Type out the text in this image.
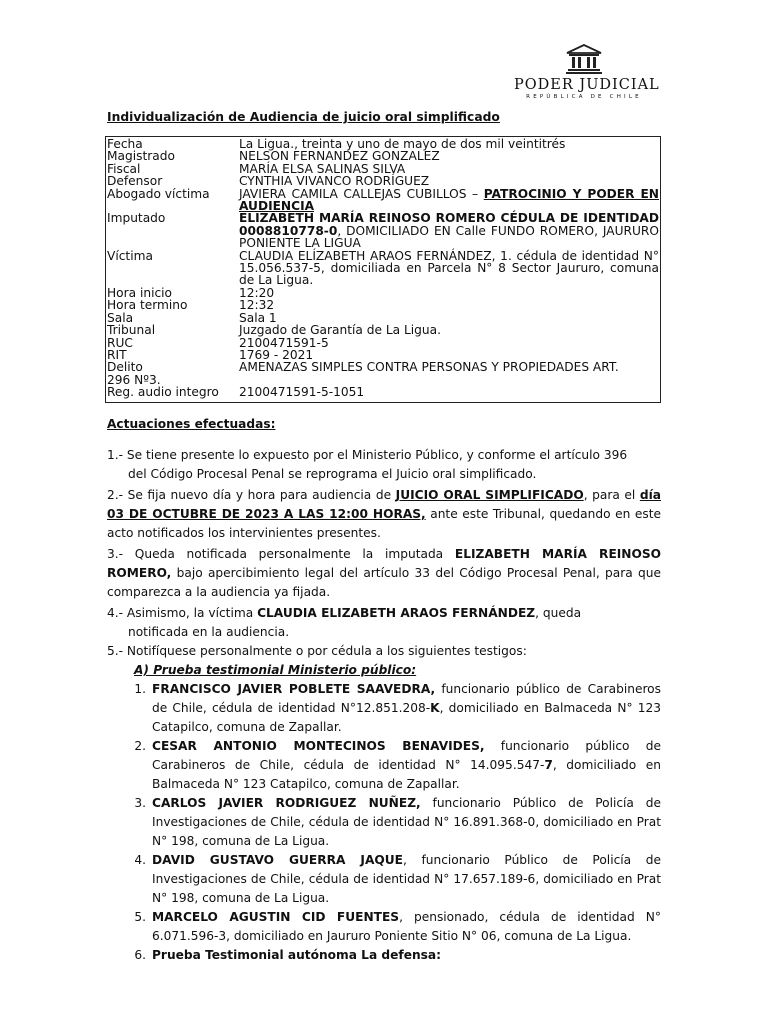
PODER JUDICIAL
REPÚBLICA DE CHILE
Individualización de Audiencia de juicio oral simplificado
Fecha	La Ligua., treinta y uno de mayo de dos mil veintitrés
Magistrado	NELSON FERNANDEZ GONZALEZ
Fiscal	MARÍA ELSA SALINAS SILVA
Defensor	CYNTHIA VIVANCO RODRÍGUEZ
Abogado víctima	JAVIERA CAMILA CALLEJAS CUBILLOS – PATROCINIO Y PODER EN AUDIENCIA
Imputado	ELIZABETH MARÍA REINOSO ROMERO CÉDULA DE IDENTIDAD 0008810778-0, DOMICILIADO EN Calle FUNDO ROMERO, JAURURO PONIENTE LA LIGUA
Víctima	CLAUDIA ELÍZABETH ARAOS FERNÁNDEZ, 1. cédula de identidad N° 15.056.537-5, domiciliada en Parcela N° 8 Sector Jaururo, comuna de La Ligua.
Hora inicio	12:20
Hora termino	12:32
Sala	Sala 1
Tribunal	Juzgado de Garantía de La Ligua.
RUC	2100471591-5
RIT	1769 - 2021
Delito	AMENAZAS SIMPLES CONTRA PERSONAS Y PROPIEDADES ART.
296 Nº3.
Reg. audio integro	2100471591-5-1051
Actuaciones efectuadas:
1.- Se tiene presente lo expuesto por el Ministerio Público, y conforme el artículo 396
del Código Procesal Penal se reprograma el Juicio oral simplificado.
2.- Se fija nuevo día y hora para audiencia de JUICIO ORAL SIMPLIFICADO, para el día 03 DE OCTUBRE DE 2023 A LAS 12:00 HORAS, ante este Tribunal, quedando en este acto notificados los intervinientes presentes.
3.- Queda notificada personalmente la imputada ELIZABETH MARÍA REINOSO ROMERO, bajo apercibimiento legal del artículo 33 del Código Procesal Penal, para que comparezca a la audiencia ya fijada.
4.- Asimismo, la víctima CLAUDIA ELIZABETH ARAOS FERNÁNDEZ, queda
notificada en la audiencia.
5.- Notifíquese personalmente o por cédula a los siguientes testigos:
A) Prueba testimonial Ministerio público:
1. FRANCISCO JAVIER POBLETE SAAVEDRA, funcionario público de Carabineros de Chile, cédula de identidad N°12.851.208-K, domiciliado en Balmaceda N° 123 Catapilco, comuna de Zapallar.
2. CESAR ANTONIO MONTECINOS BENAVIDES, funcionario público de Carabineros de Chile, cédula de identidad N° 14.095.547-7, domiciliado en Balmaceda N° 123 Catapilco, comuna de Zapallar.
3. CARLOS JAVIER RODRIGUEZ NUÑEZ, funcionario Público de Policía de Investigaciones de Chile, cédula de identidad N° 16.891.368-0, domiciliado en Prat N° 198, comuna de La Ligua.
4. DAVID GUSTAVO GUERRA JAQUE, funcionario Público de Policía de Investigaciones de Chile, cédula de identidad N° 17.657.189-6, domiciliado en Prat N° 198, comuna de La Ligua.
5. MARCELO AGUSTIN CID FUENTES, pensionado, cédula de identidad N° 6.071.596-3, domiciliado en Jaururo Poniente Sitio N° 06, comuna de La Ligua.
6. Prueba Testimonial autónoma La defensa:
